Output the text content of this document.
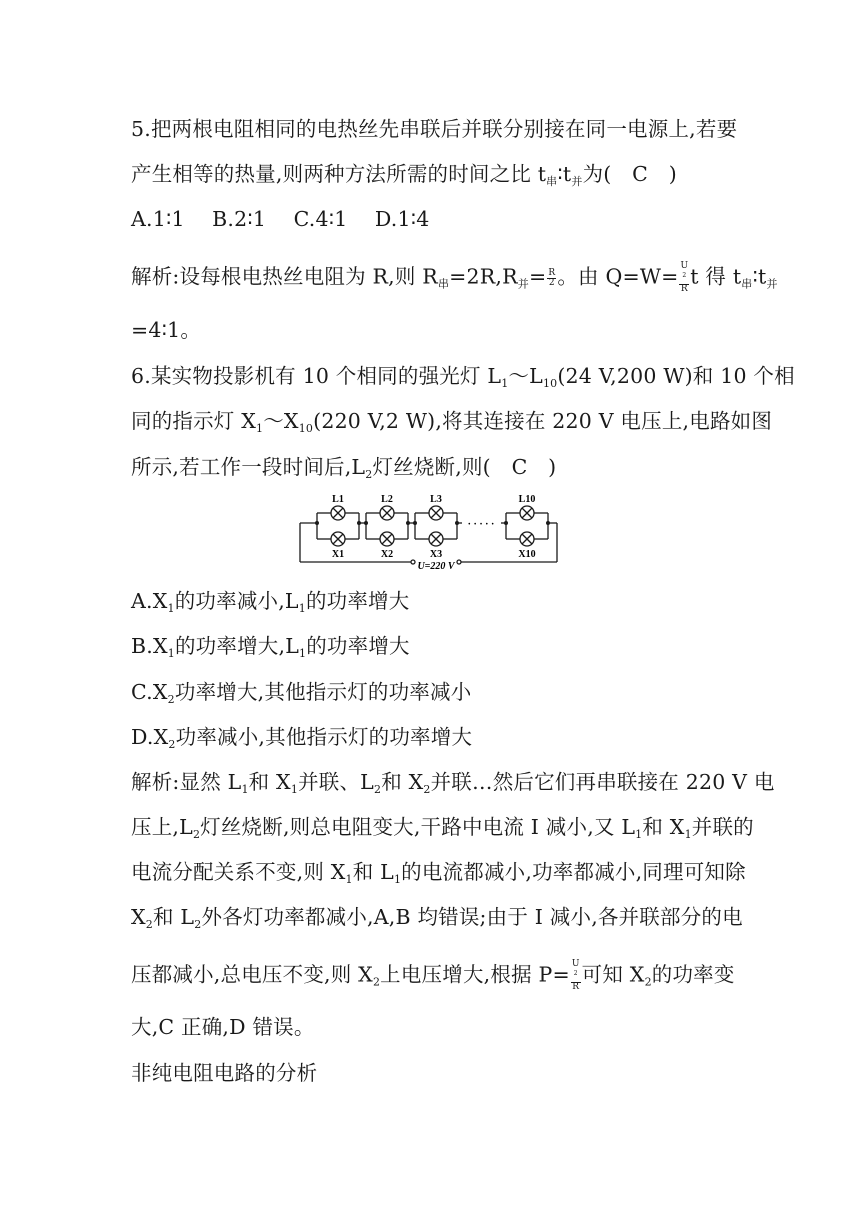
5.把两根电阻相同的电热丝先串联后并联分别接在同一电源上,若要
产生相等的热量,则两种方法所需的时间之比 $t_串∶t_并$为(　C　)
A.1∶1　 B.2∶1　 C.4∶1　 D.1∶4
解析:设每根电热丝电阻为 R,则 $R_串=2R,R_并= \frac{R}{2}$ 。由 Q=W= U
$^2$
R t 得 $t_串∶t_并$
=4∶1。
6.某实物投影机有 10 个相同的强光灯 $L_1\sim L_{10}(24$ V,200 W)和 10 个相
同的指示灯 $X_1\sim X_{10}(220$ V,2 W),将其连接在 220 V 电压上,电路如图
所示,若工作一段时间后$,L_2$灯丝烧断,则(　C　)
· · · · ·
L1	L2	L3	L10
X1	X2	X3	X10
U=220 V
$A.X_1$的功率减小$,L_1$的功率增大
$B.X_1$的功率增大$,L_1$的功率增大
$C.X_2$功率增大,其他指示灯的功率减小
$D.X_2$功率减小,其他指示灯的功率增大
解析:显然 $L_1$和 $X_1$并联、$L_2$和 $X_2$并联…然后它们再串联接在 220 V 电
压上$,L_2$灯丝烧断,则总电阻变大,干路中电流 I 减小,又 $L_1$和 $X_1$并联的
电流分配关系不变,则 $X_1$和 $L_1$的电流都减小,功率都减小,同理可知除
$X_2$和 $L_2$外各灯功率都减小,A,B 均错误;由于 I 减小,各并联部分的电
压都减小,总电压不变,则 $X_2$上电压增大,根据 P= U
$^2$
R 可知 $X_2$的功率变
大,C 正确,D 错误。
非纯电阻电路的分析
